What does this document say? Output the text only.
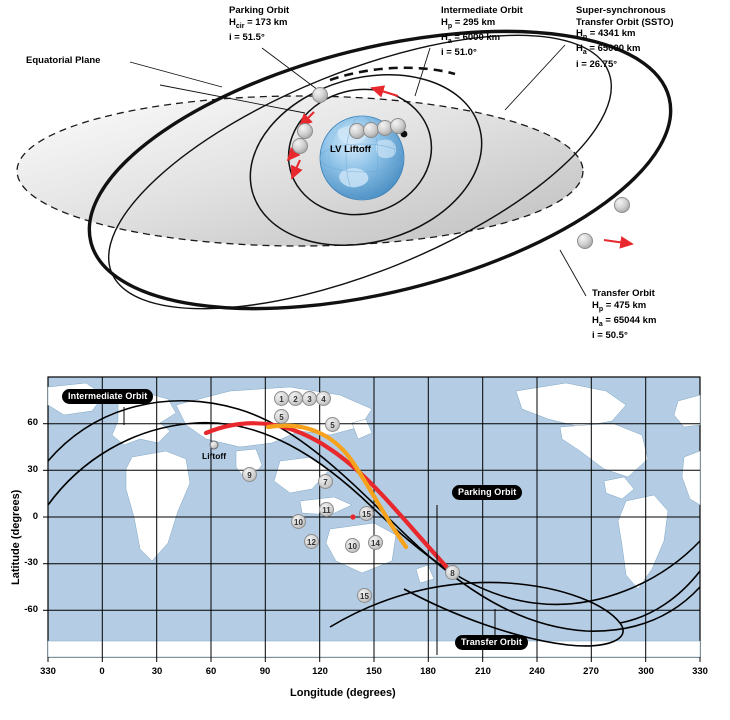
Equatorial Plane
LV Liftoff
Parking Orbit
$H_{cir} = 173$ km
i = 51.5°
Intermediate Orbit
$H_p = 295$ km
$H_a = 6000$ km
i = 51.0°
Super-synchronous
Transfer Orbit (SSTO)
$H_p = 4341$ km
$H_a = 65000$ km
i = 26.75°
Transfer Orbit
$H_p = 475$ km
$H_a = 65044$ km
i = 50.5°
Intermediate Orbit
Parking Orbit
Transfer Orbit
Liftoff
1	2	3	4
5
5
9
7
10
11	15
12	10	14
15
8
60
30
0
-30
-60
330	0	30	60	90	120	150	180	210	240	270	300	330
Latitude (degrees)
Longitude (degrees)
